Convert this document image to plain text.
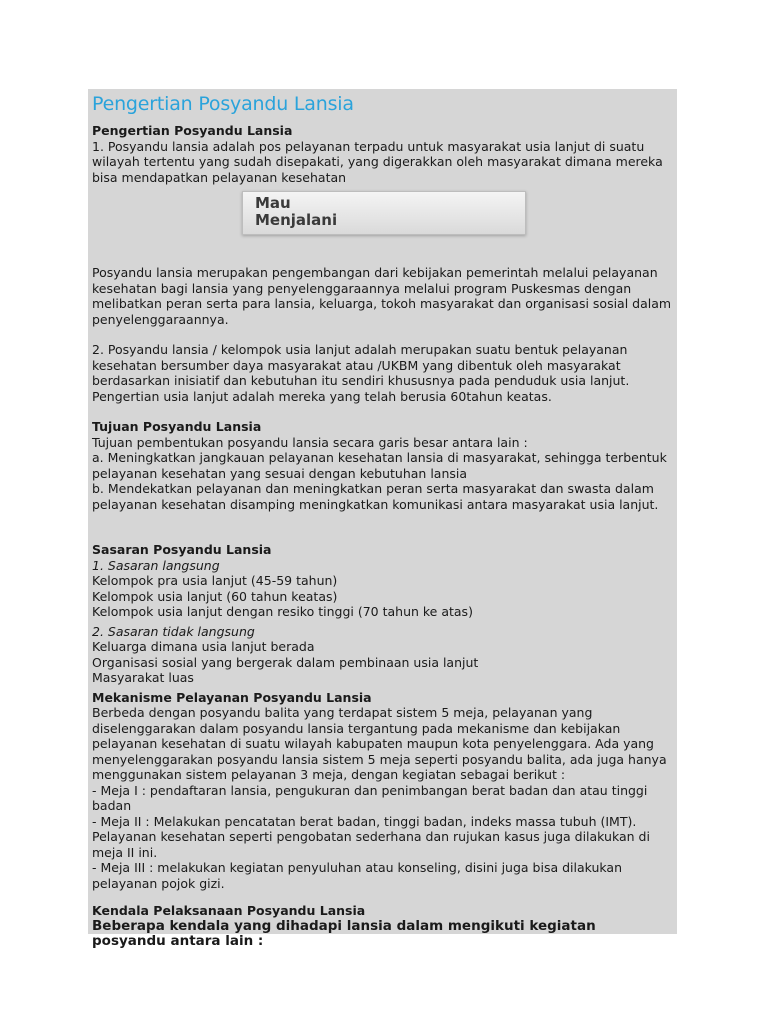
Pengertian Posyandu Lansia
Pengertian Posyandu Lansia

1. Posyandu lansia adalah pos pelayanan terpadu untuk masyarakat usia lanjut di suatu wilayah tertentu yang sudah disepakati, yang digerakkan oleh masyarakat dimana mereka bisa mendapatkan pelayanan kesehatan

Mau
Menjalani

Posyandu lansia merupakan pengembangan dari kebijakan pemerintah melalui pelayanan kesehatan bagi lansia yang penyelenggaraannya melalui program Puskesmas dengan melibatkan peran serta para lansia, keluarga, tokoh masyarakat dan organisasi sosial dalam penyelenggaraannya.

2. Posyandu lansia / kelompok usia lanjut adalah merupakan suatu bentuk pelayanan kesehatan bersumber daya masyarakat atau /UKBM yang dibentuk oleh masyarakat berdasarkan inisiatif dan kebutuhan itu sendiri khususnya pada penduduk usia lanjut. Pengertian usia lanjut adalah mereka yang telah berusia 60tahun keatas.

Tujuan Posyandu Lansia

Tujuan pembentukan posyandu lansia secara garis besar antara lain :

a. Meningkatkan jangkauan pelayanan kesehatan lansia di masyarakat, sehingga terbentuk pelayanan kesehatan yang sesuai dengan kebutuhan lansia

b. Mendekatkan pelayanan dan meningkatkan peran serta masyarakat dan swasta dalam pelayanan kesehatan disamping meningkatkan komunikasi antara masyarakat usia lanjut.

Sasaran Posyandu Lansia
1. Sasaran langsung
Kelompok pra usia lanjut (45-59 tahun)
Kelompok usia lanjut (60 tahun keatas)
Kelompok usia lanjut dengan resiko tinggi (70 tahun ke atas)
2. Sasaran tidak langsung
Keluarga dimana usia lanjut berada
Organisasi sosial yang bergerak dalam pembinaan usia lanjut
Masyarakat luas
Mekanisme Pelayanan Posyandu Lansia

Berbeda dengan posyandu balita yang terdapat sistem 5 meja, pelayanan yang diselenggarakan dalam posyandu lansia tergantung pada mekanisme dan kebijakan pelayanan kesehatan di suatu wilayah kabupaten maupun kota penyelenggara. Ada yang menyelenggarakan posyandu lansia sistem 5 meja seperti posyandu balita, ada juga hanya menggunakan sistem pelayanan 3 meja, dengan kegiatan sebagai berikut :

- Meja I : pendaftaran lansia, pengukuran dan penimbangan berat badan dan atau tinggi badan

- Meja II : Melakukan pencatatan berat badan, tinggi badan, indeks massa tubuh (IMT). Pelayanan kesehatan seperti pengobatan sederhana dan rujukan kasus juga dilakukan di meja II ini.

- Meja III : melakukan kegiatan penyuluhan atau konseling, disini juga bisa dilakukan pelayanan pojok gizi.

Kendala Pelaksanaan Posyandu Lansia

Beberapa kendala yang dihadapi lansia dalam mengikuti kegiatan posyandu antara lain :
